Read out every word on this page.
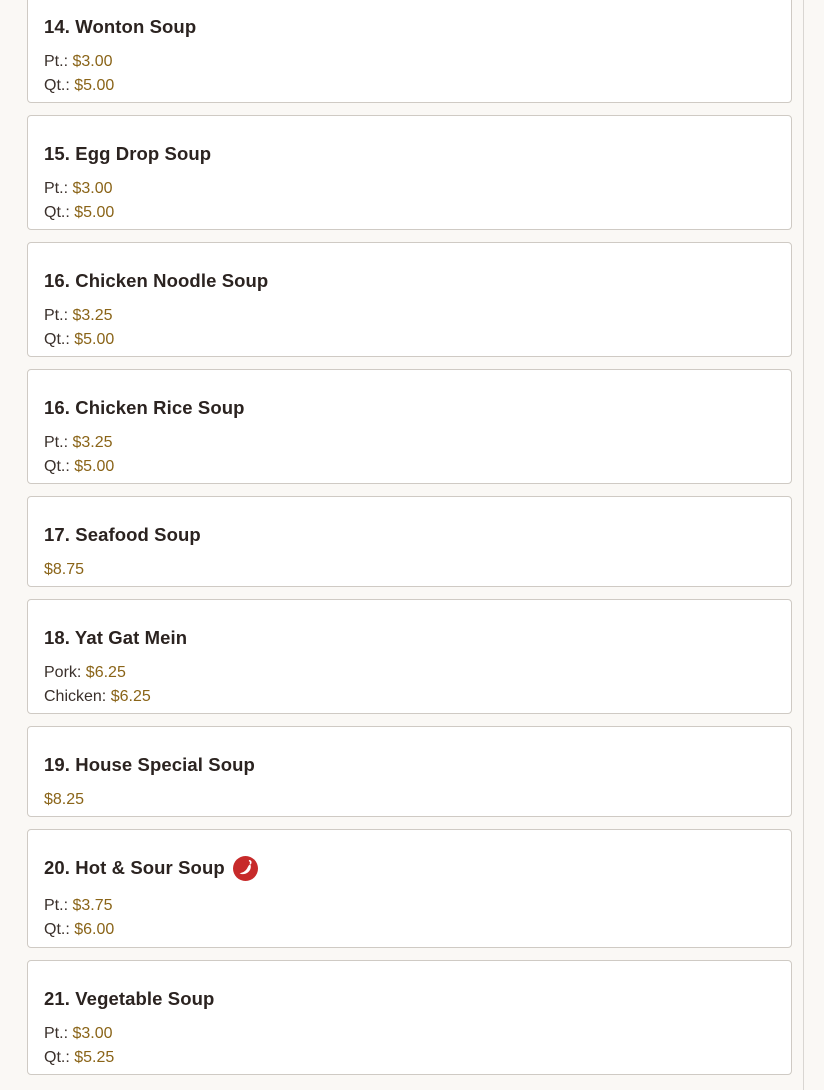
14. Wonton Soup
Pt.: $3.00
Qt.: $5.00
15. Egg Drop Soup
Pt.: $3.00
Qt.: $5.00
16. Chicken Noodle Soup
Pt.: $3.25
Qt.: $5.00
16. Chicken Rice Soup
Pt.: $3.25
Qt.: $5.00
17. Seafood Soup
$8.75
18. Yat Gat Mein
Pork: $6.25
Chicken: $6.25
19. House Special Soup
$8.25
20. Hot & Sour Soup
Pt.: $3.75
Qt.: $6.00
21. Vegetable Soup
Pt.: $3.00
Qt.: $5.25
